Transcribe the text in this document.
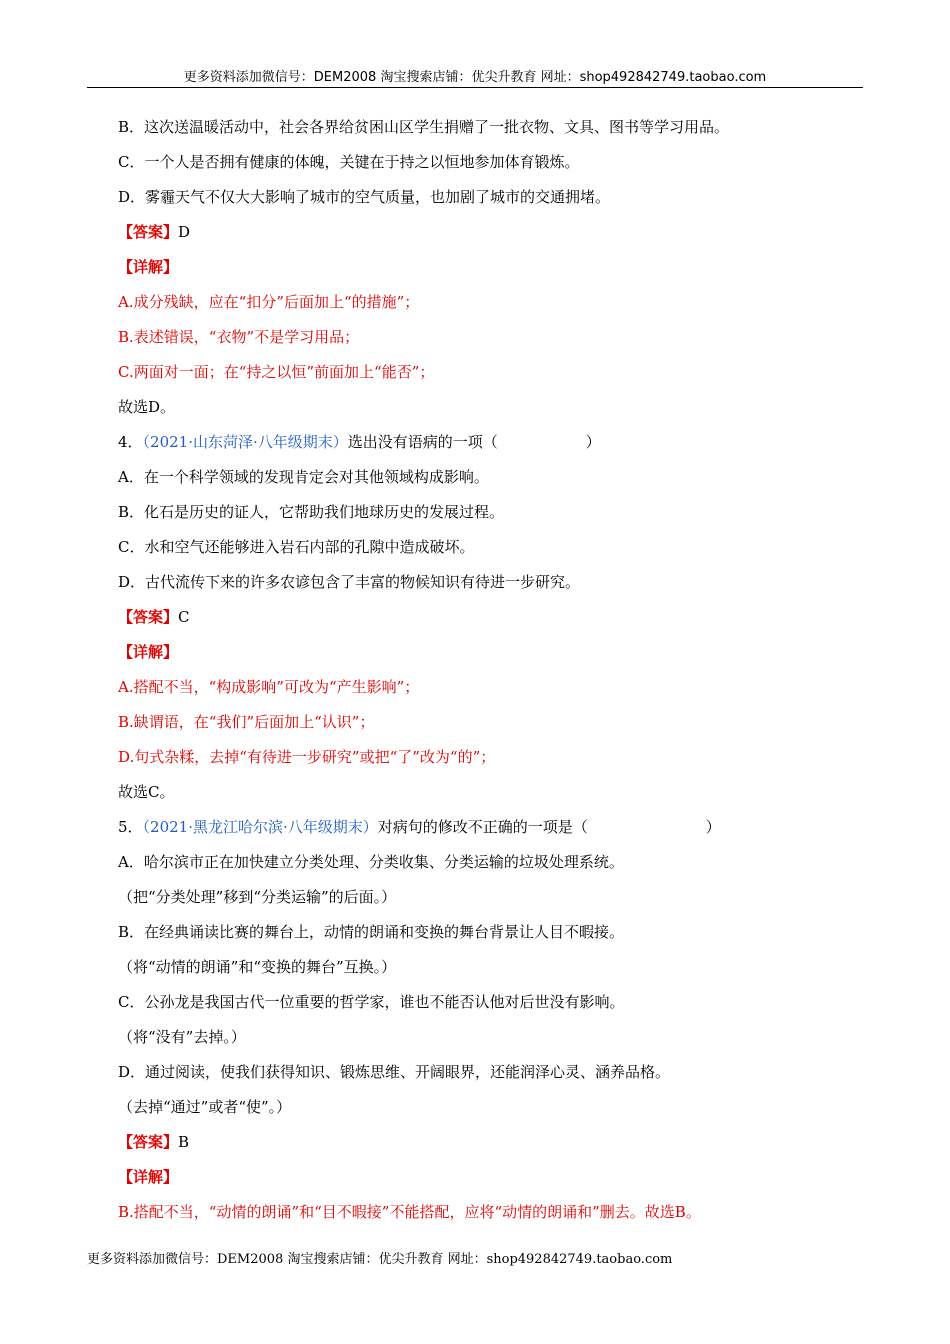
更多资料添加微信号：DEM2008 淘宝搜索店铺：优尖升教育 网址：shop492842749.taobao.com
B．这次送温暖活动中，社会各界给贫困山区学生捐赠了一批衣物、文具、图书等学习用品。
C．一个人是否拥有健康的体魄，关键在于持之以恒地参加体育锻炼。
D．雾霾天气不仅大大影响了城市的空气质量，也加剧了城市的交通拥堵。
【答案】D
【详解】
A.成分残缺，应在“扣分”后面加上“的措施”；
B.表述错误，“衣物”不是学习用品；
C.两面对一面；在“持之以恒”前面加上“能否”；
故选D。
4．（2021·山东菏泽·八年级期末）选出没有语病的一项（	）
A．在一个科学领域的发现肯定会对其他领域构成影响。
B．化石是历史的证人，它帮助我们地球历史的发展过程。
C．水和空气还能够进入岩石内部的孔隙中造成破坏。
D．古代流传下来的许多农谚包含了丰富的物候知识有待进一步研究。
【答案】C
【详解】
A.搭配不当，“构成影响”可改为“产生影响”；
B.缺谓语，在“我们”后面加上“认识”；
D.句式杂糅，去掉“有待进一步研究”或把“了”改为“的”；
故选C。
5．（2021·黑龙江哈尔滨·八年级期末）对病句的修改不正确的一项是（	）
A．哈尔滨市正在加快建立分类处理、分类收集、分类运输的垃圾处理系统。
（把“分类处理”移到“分类运输”的后面。）
B．在经典诵读比赛的舞台上，动情的朗诵和变换的舞台背景让人目不暇接。
（将“动情的朗诵”和“变换的舞台”互换。）
C．公孙龙是我国古代一位重要的哲学家，谁也不能否认他对后世没有影响。
（将“没有”去掉。）
D．通过阅读，使我们获得知识、锻炼思维、开阔眼界，还能润泽心灵、涵养品格。
（去掉“通过”或者“使”。）
【答案】B
【详解】
B.搭配不当，“动情的朗诵”和“目不暇接”不能搭配，应将“动情的朗诵和”删去。故选B。
更多资料添加微信号：DEM2008 淘宝搜索店铺：优尖升教育 网址：shop492842749.taobao.com
